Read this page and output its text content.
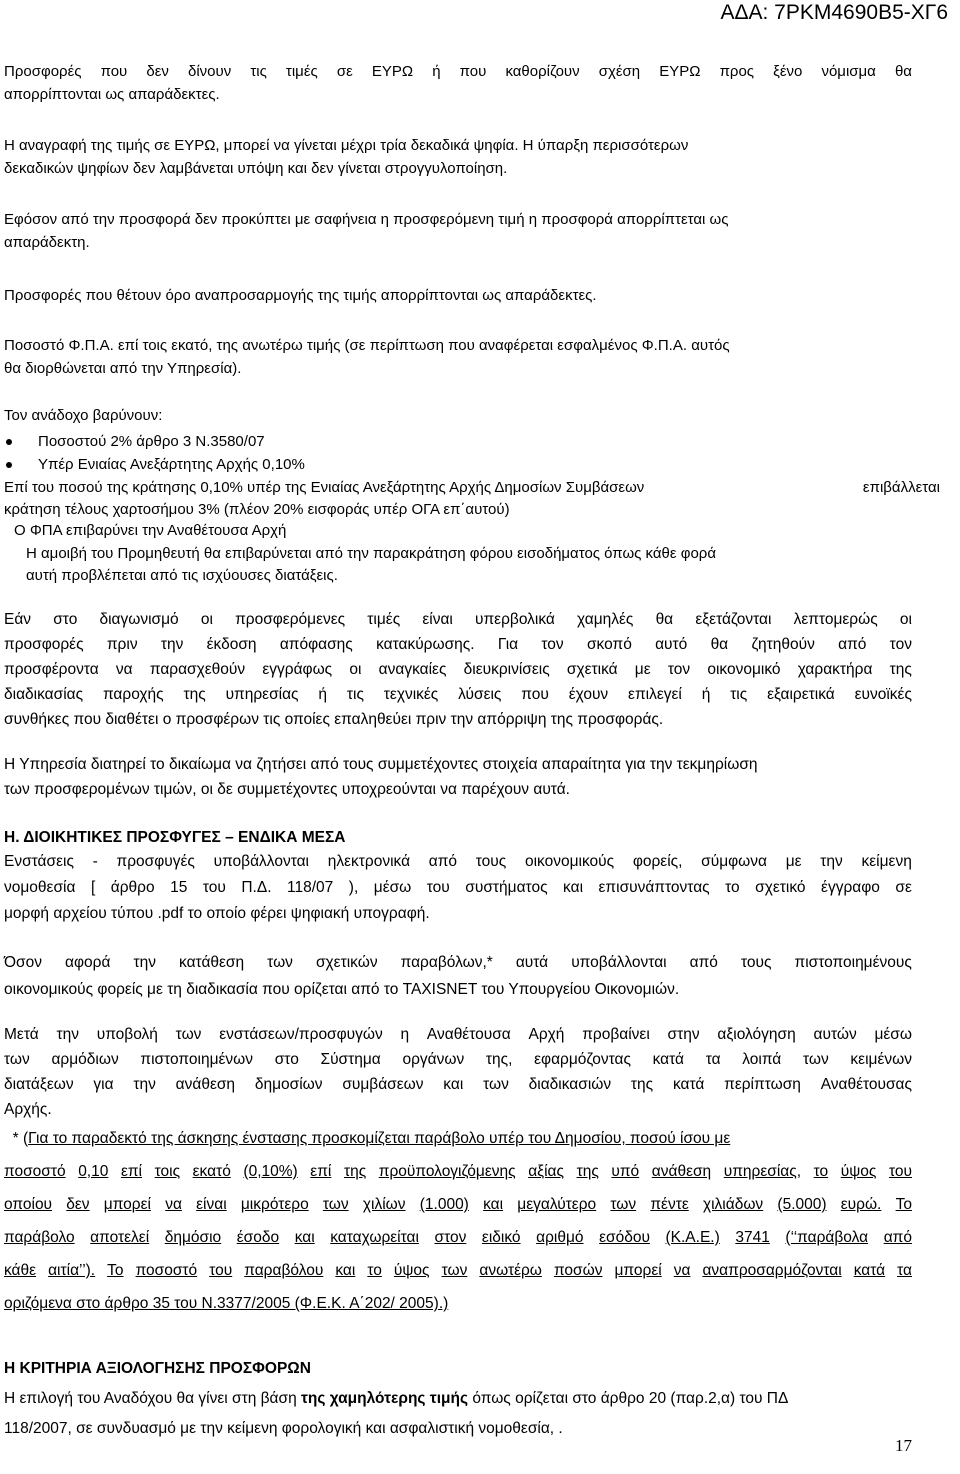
ΑΔΑ: 7ΡΚΜ4690Β5-ΧΓ6
Προσφορές που δεν δίνουν τις τιμές σε ΕΥΡΩ ή που καθορίζουν σχέση ΕΥΡΩ προς ξένο νόμισμα θα
απορρίπτονται ως απαράδεκτες.
Η αναγραφή της τιμής σε ΕΥΡΩ, μπορεί να γίνεται μέχρι τρία δεκαδικά ψηφία. Η ύπαρξη περισσότερων
δεκαδικών ψηφίων δεν λαμβάνεται υπόψη και δεν γίνεται στρογγυλοποίηση.
Εφόσον από την προσφορά δεν προκύπτει με σαφήνεια η προσφερόμενη τιμή η προσφορά απορρίπτεται ως
απαράδεκτη.
Προσφορές που θέτουν όρο αναπροσαρμογής της τιμής απορρίπτονται ως απαράδεκτες.
Ποσοστό Φ.Π.Α. επί τοις εκατό, της ανωτέρω τιμής (σε περίπτωση που αναφέρεται εσφαλμένος Φ.Π.Α. αυτός
θα διορθώνεται από την Υπηρεσία).
Τον ανάδοχο βαρύνουν:
Ποσοστού 2% άρθρο 3 Ν.3580/07
Υπέρ Ενιαίας Ανεξάρτητης Αρχής 0,10%
Επί του ποσού της κράτησης 0,10% υπέρ της Ενιαίας Ανεξάρτητης Αρχής Δημοσίων Συμβάσεων	επιβάλλεται
κράτηση τέλους χαρτοσήμου 3% (πλέον 20% εισφοράς υπέρ ΟΓΑ επ΄αυτού)
Ο ΦΠΑ επιβαρύνει την Αναθέτουσα Αρχή
Η αμοιβή του Προμηθευτή θα επιβαρύνεται από την παρακράτηση φόρου εισοδήματος όπως κάθε φορά
αυτή προβλέπεται από τις ισχύουσες διατάξεις.
Εάν στο διαγωνισμό οι προσφερόμενες τιμές είναι υπερβολικά χαμηλές θα εξετάζονται λεπτομερώς οι
προσφορές πριν την έκδοση απόφασης κατακύρωσης. Για τον σκοπό αυτό θα ζητηθούν από τον
προσφέροντα να παρασχεθούν εγγράφως οι αναγκαίες διευκρινίσεις σχετικά με τον οικονομικό χαρακτήρα της
διαδικασίας παροχής της υπηρεσίας ή τις τεχνικές λύσεις που έχουν επιλεγεί ή τις εξαιρετικά ευνοϊκές
συνθήκες που διαθέτει ο προσφέρων τις οποίες επαληθεύει πριν την απόρριψη της προσφοράς.
Η Υπηρεσία διατηρεί το δικαίωμα να ζητήσει από τους συμμετέχοντες στοιχεία απαραίτητα για την τεκμηρίωση
των προσφερομένων τιμών, οι δε συμμετέχοντες υποχρεούνται να παρέχουν αυτά.
Η. ΔΙΟΙΚΗΤΙΚΕΣ ΠΡΟΣΦΥΓΕΣ – ΕΝΔΙΚΑ ΜΕΣΑ
Ενστάσεις - προσφυγές υποβάλλονται ηλεκτρονικά από τους οικονομικούς φορείς, σύμφωνα με την κείμενη
νομοθεσία [ άρθρο 15 του Π.Δ. 118/07 ), μέσω του συστήματος και επισυνάπτοντας το σχετικό έγγραφο σε
μορφή αρχείου τύπου .pdf το οποίο φέρει ψηφιακή υπογραφή.
Όσον αφορά την κατάθεση των σχετικών παραβόλων,* αυτά υποβάλλονται από τους πιστοποιημένους
οικονομικούς φορείς με τη διαδικασία που ορίζεται από το TAXISNET του Υπουργείου Οικονομιών.
Μετά την υποβολή των ενστάσεων/προσφυγών η Αναθέτουσα Αρχή προβαίνει στην αξιολόγηση αυτών μέσω
των αρμόδιων πιστοποιημένων στο Σύστημα οργάνων της, εφαρμόζοντας κατά τα λοιπά των κειμένων
διατάξεων για την ανάθεση δημοσίων συμβάσεων και των διαδικασιών της κατά περίπτωση Αναθέτουσας
Αρχής.
* (Για το παραδεκτό της άσκησης ένστασης προσκομίζεται παράβολο υπέρ του Δημοσίου, ποσού ίσου με
ποσοστό 0,10 επί τοις εκατό (0,10%) επί της προϋπολογιζόμενης αξίας της υπό ανάθεση υπηρεσίας, το ύψος του
οποίου δεν μπορεί να είναι μικρότερο των χιλίων (1.000) και μεγαλύτερο των πέντε χιλιάδων (5.000) ευρώ. Το
παράβολο αποτελεί δημόσιο έσοδο και καταχωρείται στον ειδικό αριθμό εσόδου (Κ.Α.Ε.) 3741 (‘‘παράβολα από
κάθε αιτία’’). Το ποσοστό του παραβόλου και το ύψος των ανωτέρω ποσών μπορεί να αναπροσαρμόζονται κατά τα
οριζόμενα στο άρθρο 35 του Ν.3377/2005 (Φ.Ε.Κ. Α΄202/ 2005).)
Η ΚΡΙΤΗΡΙΑ ΑΞΙΟΛΟΓΗΣΗΣ ΠΡΟΣΦΟΡΩΝ
Η επιλογή του Αναδόχου θα γίνει στη βάση της χαμηλότερης τιμής όπως ορίζεται στο άρθρο 20 (παρ.2,α) του ΠΔ
118/2007, σε συνδυασμό με την κείμενη φορολογική και ασφαλιστική νομοθεσία, .
17
